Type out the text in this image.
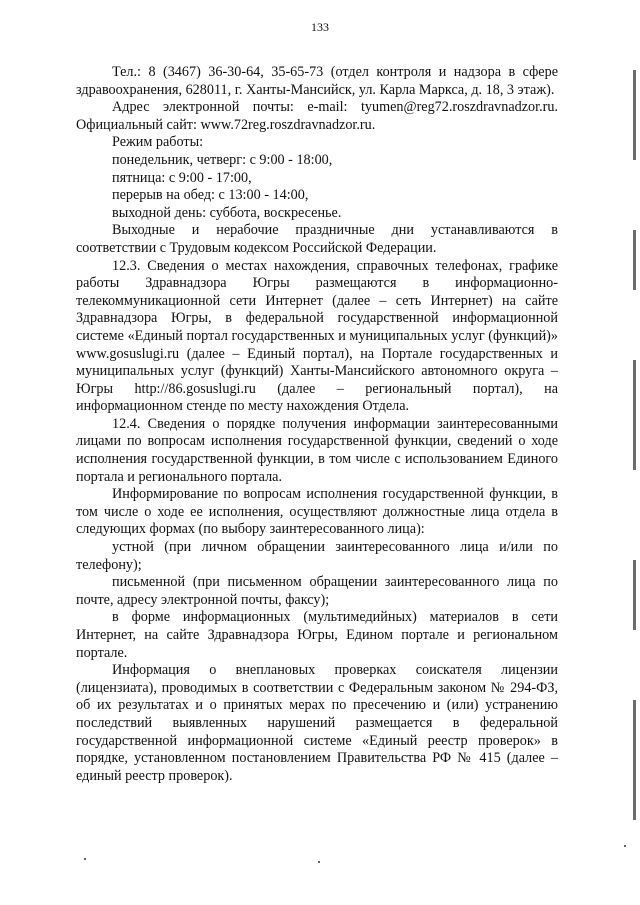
133

Тел.: 8 (3467) 36-30-64, 35-65-73 (отдел контроля и надзора в сфере здравоохранения, 628011, г. Ханты-Мансийск, ул. Карла Маркса, д. 18, 3 этаж).

Адрес электронной почты: e-mail: tyumen@reg72.roszdravnadzor.ru. Официальный сайт: www.72reg.roszdravnadzor.ru.

Режим работы:

понедельник, четверг: с 9:00 - 18:00,

пятница: с 9:00 - 17:00,

перерыв на обед: с 13:00 - 14:00,

выходной день: суббота, воскресенье.

Выходные и нерабочие праздничные дни устанавливаются в соответствии с Трудовым кодексом Российской Федерации.

12.3. Сведения о местах нахождения, справочных телефонах, графике работы Здравнадзора Югры размещаются в информационно-телекоммуникационной сети Интернет (далее – сеть Интернет) на сайте Здравнадзора Югры, в федеральной государственной информационной системе «Единый портал государственных и муниципальных услуг (функций)» www.gosuslugi.ru (далее – Единый портал), на Портале государственных и муниципальных услуг (функций) Ханты-Мансийского автономного округа – Югры http://86.gosuslugi.ru (далее – региональный портал), на информационном стенде по месту нахождения Отдела.

12.4. Сведения о порядке получения информации заинтересованными лицами по вопросам исполнения государственной функции, сведений о ходе исполнения государственной функции, в том числе с использованием Единого портала и регионального портала.

Информирование по вопросам исполнения государственной функции, в том числе о ходе ее исполнения, осуществляют должностные лица отдела в следующих формах (по выбору заинтересованного лица):

устной (при личном обращении заинтересованного лица и/или по телефону);

письменной (при письменном обращении заинтересованного лица по почте, адресу электронной почты, факсу);

в форме информационных (мультимедийных) материалов в сети Интернет, на сайте Здравнадзора Югры, Едином портале и региональном портале.

Информация о внеплановых проверках соискателя лицензии (лицензиата), проводимых в соответствии с Федеральным законом № 294-ФЗ, об их результатах и о принятых мерах по пресечению и (или) устранению последствий выявленных нарушений размещается в федеральной государственной информационной системе «Единый реестр проверок» в порядке, установленном постановлением Правительства РФ № 415 (далее – единый реестр проверок).
